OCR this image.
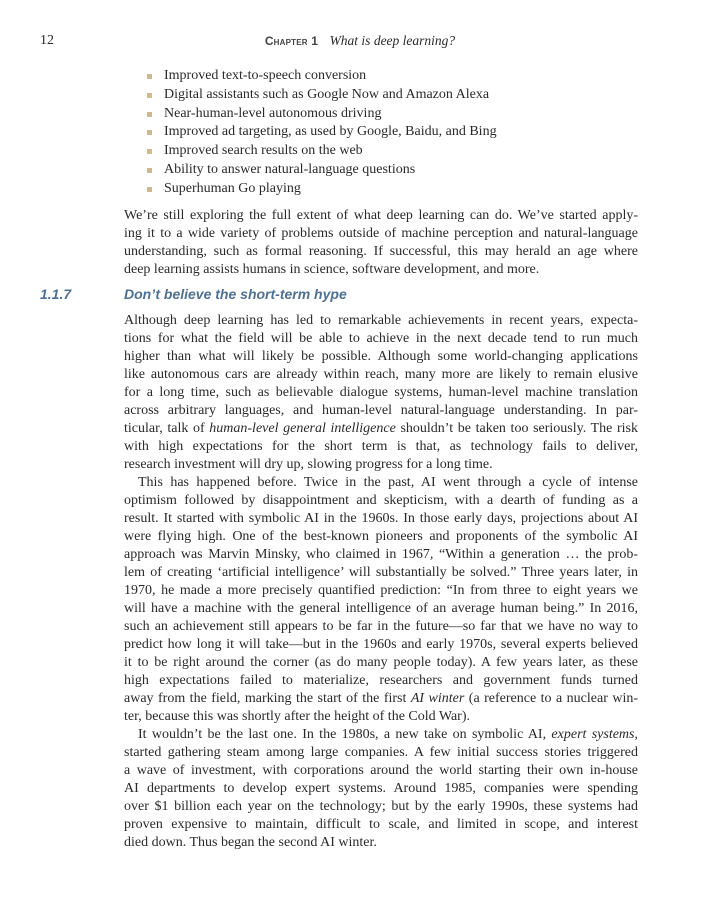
12	Chapter 1 What is deep learning?
Improved text-to-speech conversion
Digital assistants such as Google Now and Amazon Alexa
Near-human-level autonomous driving
Improved ad targeting, as used by Google, Baidu, and Bing
Improved search results on the web
Ability to answer natural-language questions
Superhuman Go playing
We’re still exploring the full extent of what deep learning can do. We’ve started apply-
ing it to a wide variety of problems outside of machine perception and natural-language
understanding, such as formal reasoning. If successful, this may herald an age where
deep learning assists humans in science, software development, and more.
1.1.7	Don’t believe the short-term hype
Although deep learning has led to remarkable achievements in recent years, expecta-
tions for what the field will be able to achieve in the next decade tend to run much
higher than what will likely be possible. Although some world-changing applications
like autonomous cars are already within reach, many more are likely to remain elusive
for a long time, such as believable dialogue systems, human-level machine translation
across arbitrary languages, and human-level natural-language understanding. In par-
ticular, talk of human-level general intelligence shouldn’t be taken too seriously. The risk
with high expectations for the short term is that, as technology fails to deliver,
research investment will dry up, slowing progress for a long time.
This has happened before. Twice in the past, AI went through a cycle of intense
optimism followed by disappointment and skepticism, with a dearth of funding as a
result. It started with symbolic AI in the 1960s. In those early days, projections about AI
were flying high. One of the best-known pioneers and proponents of the symbolic AI
approach was Marvin Minsky, who claimed in 1967, “Within a generation … the prob-
lem of creating ‘artificial intelligence’ will substantially be solved.” Three years later, in
1970, he made a more precisely quantified prediction: “In from three to eight years we
will have a machine with the general intelligence of an average human being.” In 2016,
such an achievement still appears to be far in the future—so far that we have no way to
predict how long it will take—but in the 1960s and early 1970s, several experts believed
it to be right around the corner (as do many people today). A few years later, as these
high expectations failed to materialize, researchers and government funds turned
away from the field, marking the start of the first AI winter (a reference to a nuclear win-
ter, because this was shortly after the height of the Cold War).
It wouldn’t be the last one. In the 1980s, a new take on symbolic AI, expert systems,
started gathering steam among large companies. A few initial success stories triggered
a wave of investment, with corporations around the world starting their own in-house
AI departments to develop expert systems. Around 1985, companies were spending
over $1 billion each year on the technology; but by the early 1990s, these systems had
proven expensive to maintain, difficult to scale, and limited in scope, and interest
died down. Thus began the second AI winter.
